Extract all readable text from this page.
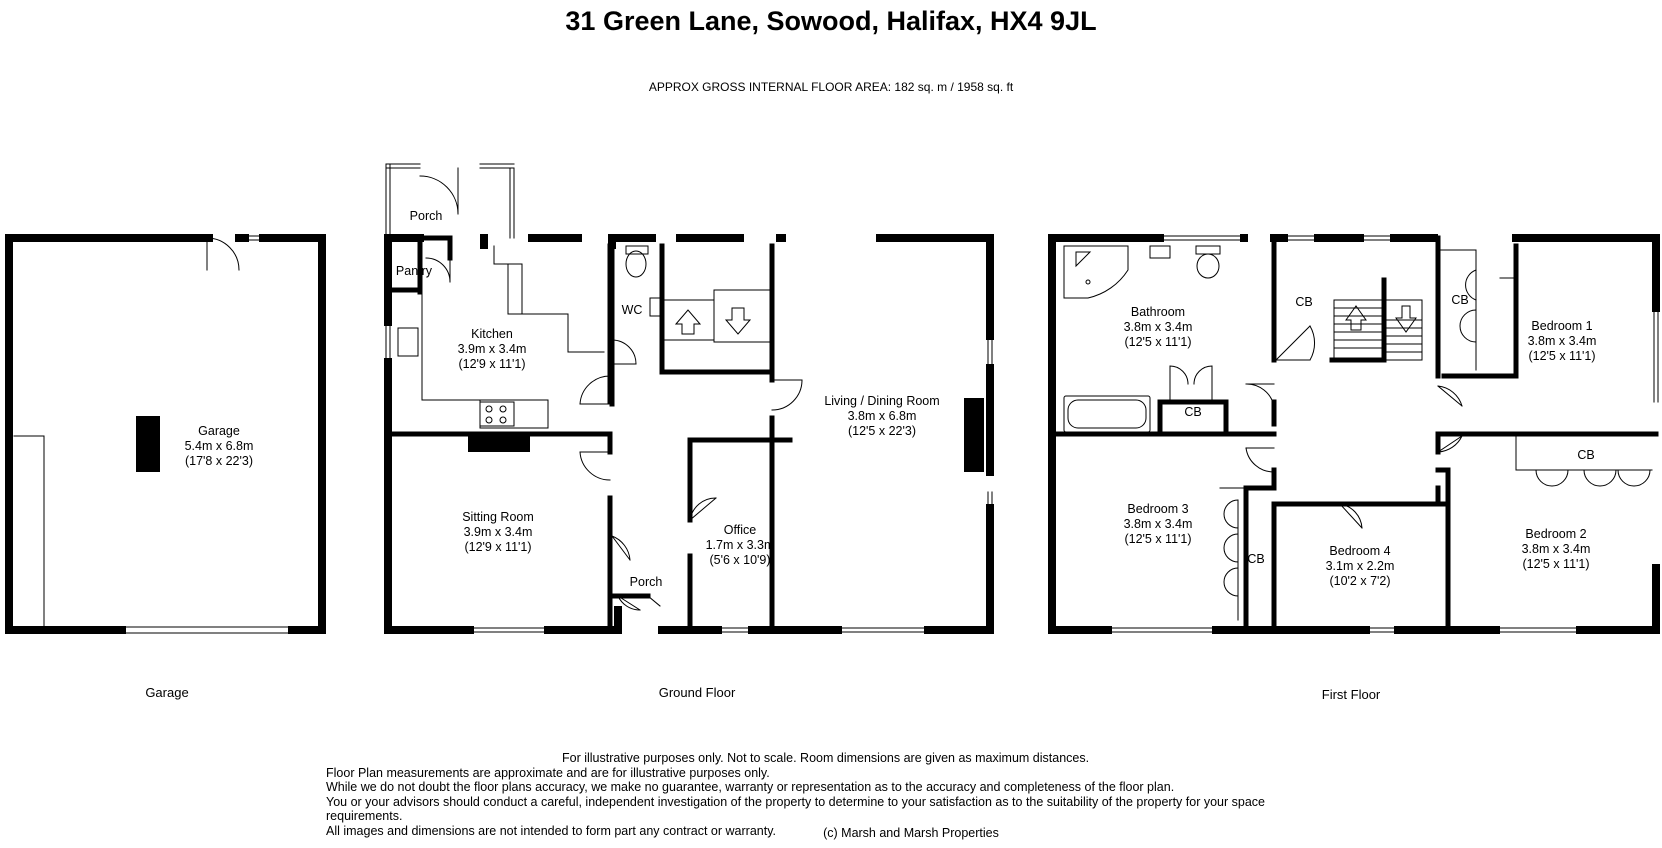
31 Green Lane, Sowood, Halifax, HX4 9JL
APPROX GROSS INTERNAL FLOOR AREA: 182 sq. m / 1958 sq. ft
Garage
5.4m x 6.8m
(17'8 x 22'3)
Porch
Pantry
WC
Porch
Kitchen
3.9m x 3.4m
(12'9 x 11'1)
Sitting Room
3.9m x 3.4m
(12'9 x 11'1)
Office
1.7m x 3.3m
(5'6 x 10'9)
Living / Dining Room
3.8m x 6.8m
(12'5 x 22'3)
Bathroom
3.8m x 3.4m
(12'5 x 11'1)
Bedroom 1
3.8m x 3.4m
(12'5 x 11'1)
Bedroom 3
3.8m x 3.4m
(12'5 x 11'1)
Bedroom 4
3.1m x 2.2m
(10'2 x 7'2)
Bedroom 2
3.8m x 3.4m
(12'5 x 11'1)
CB
CB	CB
CB
CB
Garage	Ground Floor	First Floor
For illustrative purposes only. Not to scale. Room dimensions are given as maximum distances.
Floor Plan measurements are approximate and are for illustrative purposes only.
While we do not doubt the floor plans accuracy, we make no guarantee, warranty or representation as to the accuracy and completeness of the floor plan.
You or your advisors should conduct a careful, independent investigation of the property to determine to your satisfaction as to the suitability of the property for your space requirements.
All images and dimensions are not intended to form part any contract or warranty.	(c) Marsh and Marsh Properties
